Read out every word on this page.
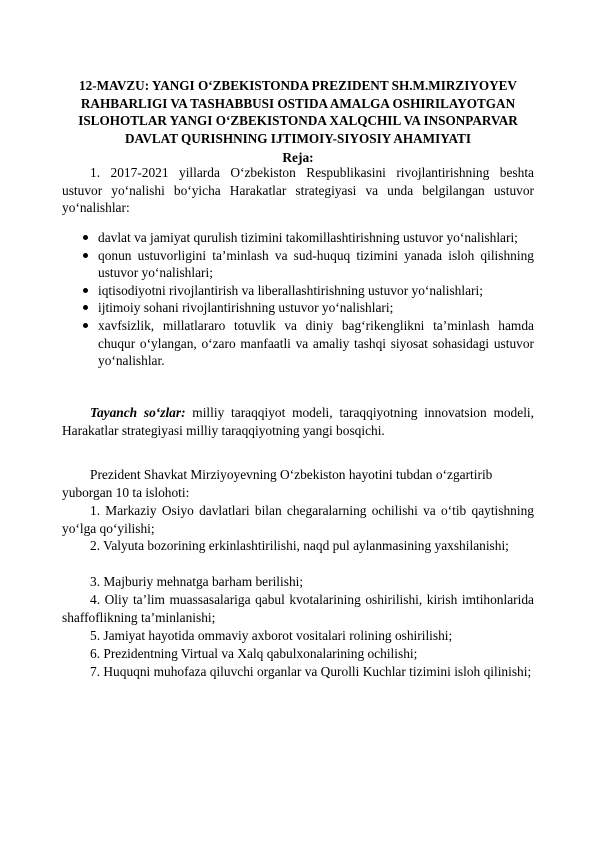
12-MAVZU: YANGI O‘ZBEKISTONDA PREZIDENT SH.M.MIRZIYOYEV RAHBARLIGI VA TASHABBUSI OSTIDA AMALGA OSHIRILAYOTGAN ISLOHOTLAR YANGI O‘ZBEKISTONDA XALQCHIL VA INSONPARVAR DAVLAT QURISHNING IJTIMOIY-SIYOSIY AHAMIYATI
Reja:
1. 2017-2021 yillarda O‘zbekiston Respublikasini rivojlantirishning beshta ustuvor yo‘nalishi bo‘yicha Harakatlar strategiyasi va unda belgilangan ustuvor yo‘nalishlar:
davlat va jamiyat qurulish tizimini takomillashtirishning ustuvor yo‘nalishlari;
qonun ustuvorligini ta’minlash va sud-huquq tizimini yanada isloh qilishning ustuvor yo‘nalishlari;
iqtisodiyotni rivojlantirish va liberallashtirishning ustuvor yo‘nalishlari;
ijtimoiy sohani rivojlantirishning ustuvor yo‘nalishlari;
xavfsizlik, millatlararo totuvlik va diniy bag‘rikenglikni ta’minlash hamda chuqur o‘ylangan, o‘zaro manfaatli va amaliy tashqi siyosat sohasidagi ustuvor yo‘nalishlar.
Tayanch so‘zlar: milliy taraqqiyot modeli, taraqqiyotning innovatsion modeli, Harakatlar strategiyasi milliy taraqqiyotning yangi bosqichi.
Prezident Shavkat Mirziyoyevning O‘zbekiston hayotini tubdan o‘zgartirib yuborgan 10 ta islohoti:
1. Markaziy Osiyo davlatlari bilan chegaralarning ochilishi va o‘tib qaytishning yo‘lga qo‘yilishi;
2. Valyuta bozorining erkinlashtirilishi, naqd pul aylanmasining yaxshilanishi;
3. Majburiy mehnatga barham berilishi;
4. Oliy ta’lim muassasalariga qabul kvotalarining oshirilishi, kirish imtihonlarida shaffoflikning ta’minlanishi;
5. Jamiyat hayotida ommaviy axborot vositalari rolining oshirilishi;
6. Prezidentning Virtual va Xalq qabulxonalarining ochilishi;
7. Huquqni muhofaza qiluvchi organlar va Qurolli Kuchlar tizimini isloh qilinishi;
